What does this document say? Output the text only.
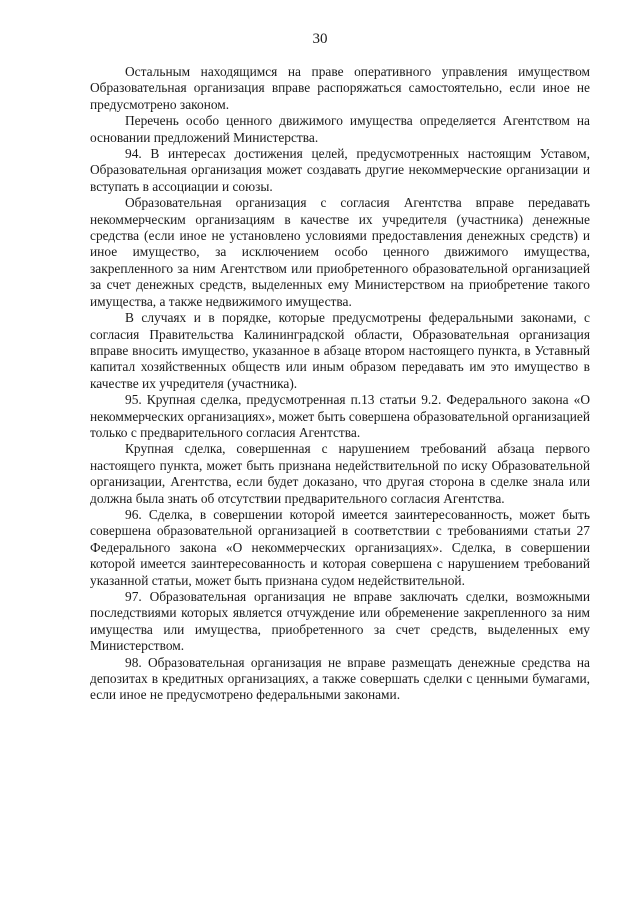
30

Остальным находящимся на праве оперативного управления имуществом Образовательная организация вправе распоряжаться самостоятельно, если иное не предусмотрено законом.

Перечень особо ценного движимого имущества определяется Агентством на основании предложений Министерства.

94. В интересах достижения целей, предусмотренных настоящим Уставом, Образовательная организация может создавать другие некоммерческие организации и вступать в ассоциации и союзы.

Образовательная организация с согласия Агентства вправе передавать некоммерческим организациям в качестве их учредителя (участника) денежные средства (если иное не установлено условиями предоставления денежных средств) и иное имущество, за исключением особо ценного движимого имущества, закрепленного за ним Агентством или приобретенного образовательной организацией за счет денежных средств, выделенных ему Министерством на приобретение такого имущества, а также недвижимого имущества.

В случаях и в порядке, которые предусмотрены федеральными законами, с согласия Правительства Калининградской области, Образовательная организация вправе вносить имущество, указанное в абзаце втором настоящего пункта, в Уставный капитал хозяйственных обществ или иным образом передавать им это имущество в качестве их учредителя (участника).

95. Крупная сделка, предусмотренная п.13 статьи 9.2. Федерального закона «О некоммерческих организациях», может быть совершена образовательной организацией только с предварительного согласия Агентства.

Крупная сделка, совершенная с нарушением требований абзаца первого настоящего пункта, может быть признана недействительной по иску Образовательной организации, Агентства, если будет доказано, что другая сторона в сделке знала или должна была знать об отсутствии предварительного согласия Агентства.

96. Сделка, в совершении которой имеется заинтересованность, может быть совершена образовательной организацией в соответствии с требованиями статьи 27 Федерального закона «О некоммерческих организациях». Сделка, в совершении которой имеется заинтересованность и которая совершена с нарушением требований указанной статьи, может быть признана судом недействительной.

97. Образовательная организация не вправе заключать сделки, возможными последствиями которых является отчуждение или обременение закрепленного за ним имущества или имущества, приобретенного за счет средств, выделенных ему Министерством.

98. Образовательная организация не вправе размещать денежные средства на депозитах в кредитных организациях, а также совершать сделки с ценными бумагами, если иное не предусмотрено федеральными законами.
